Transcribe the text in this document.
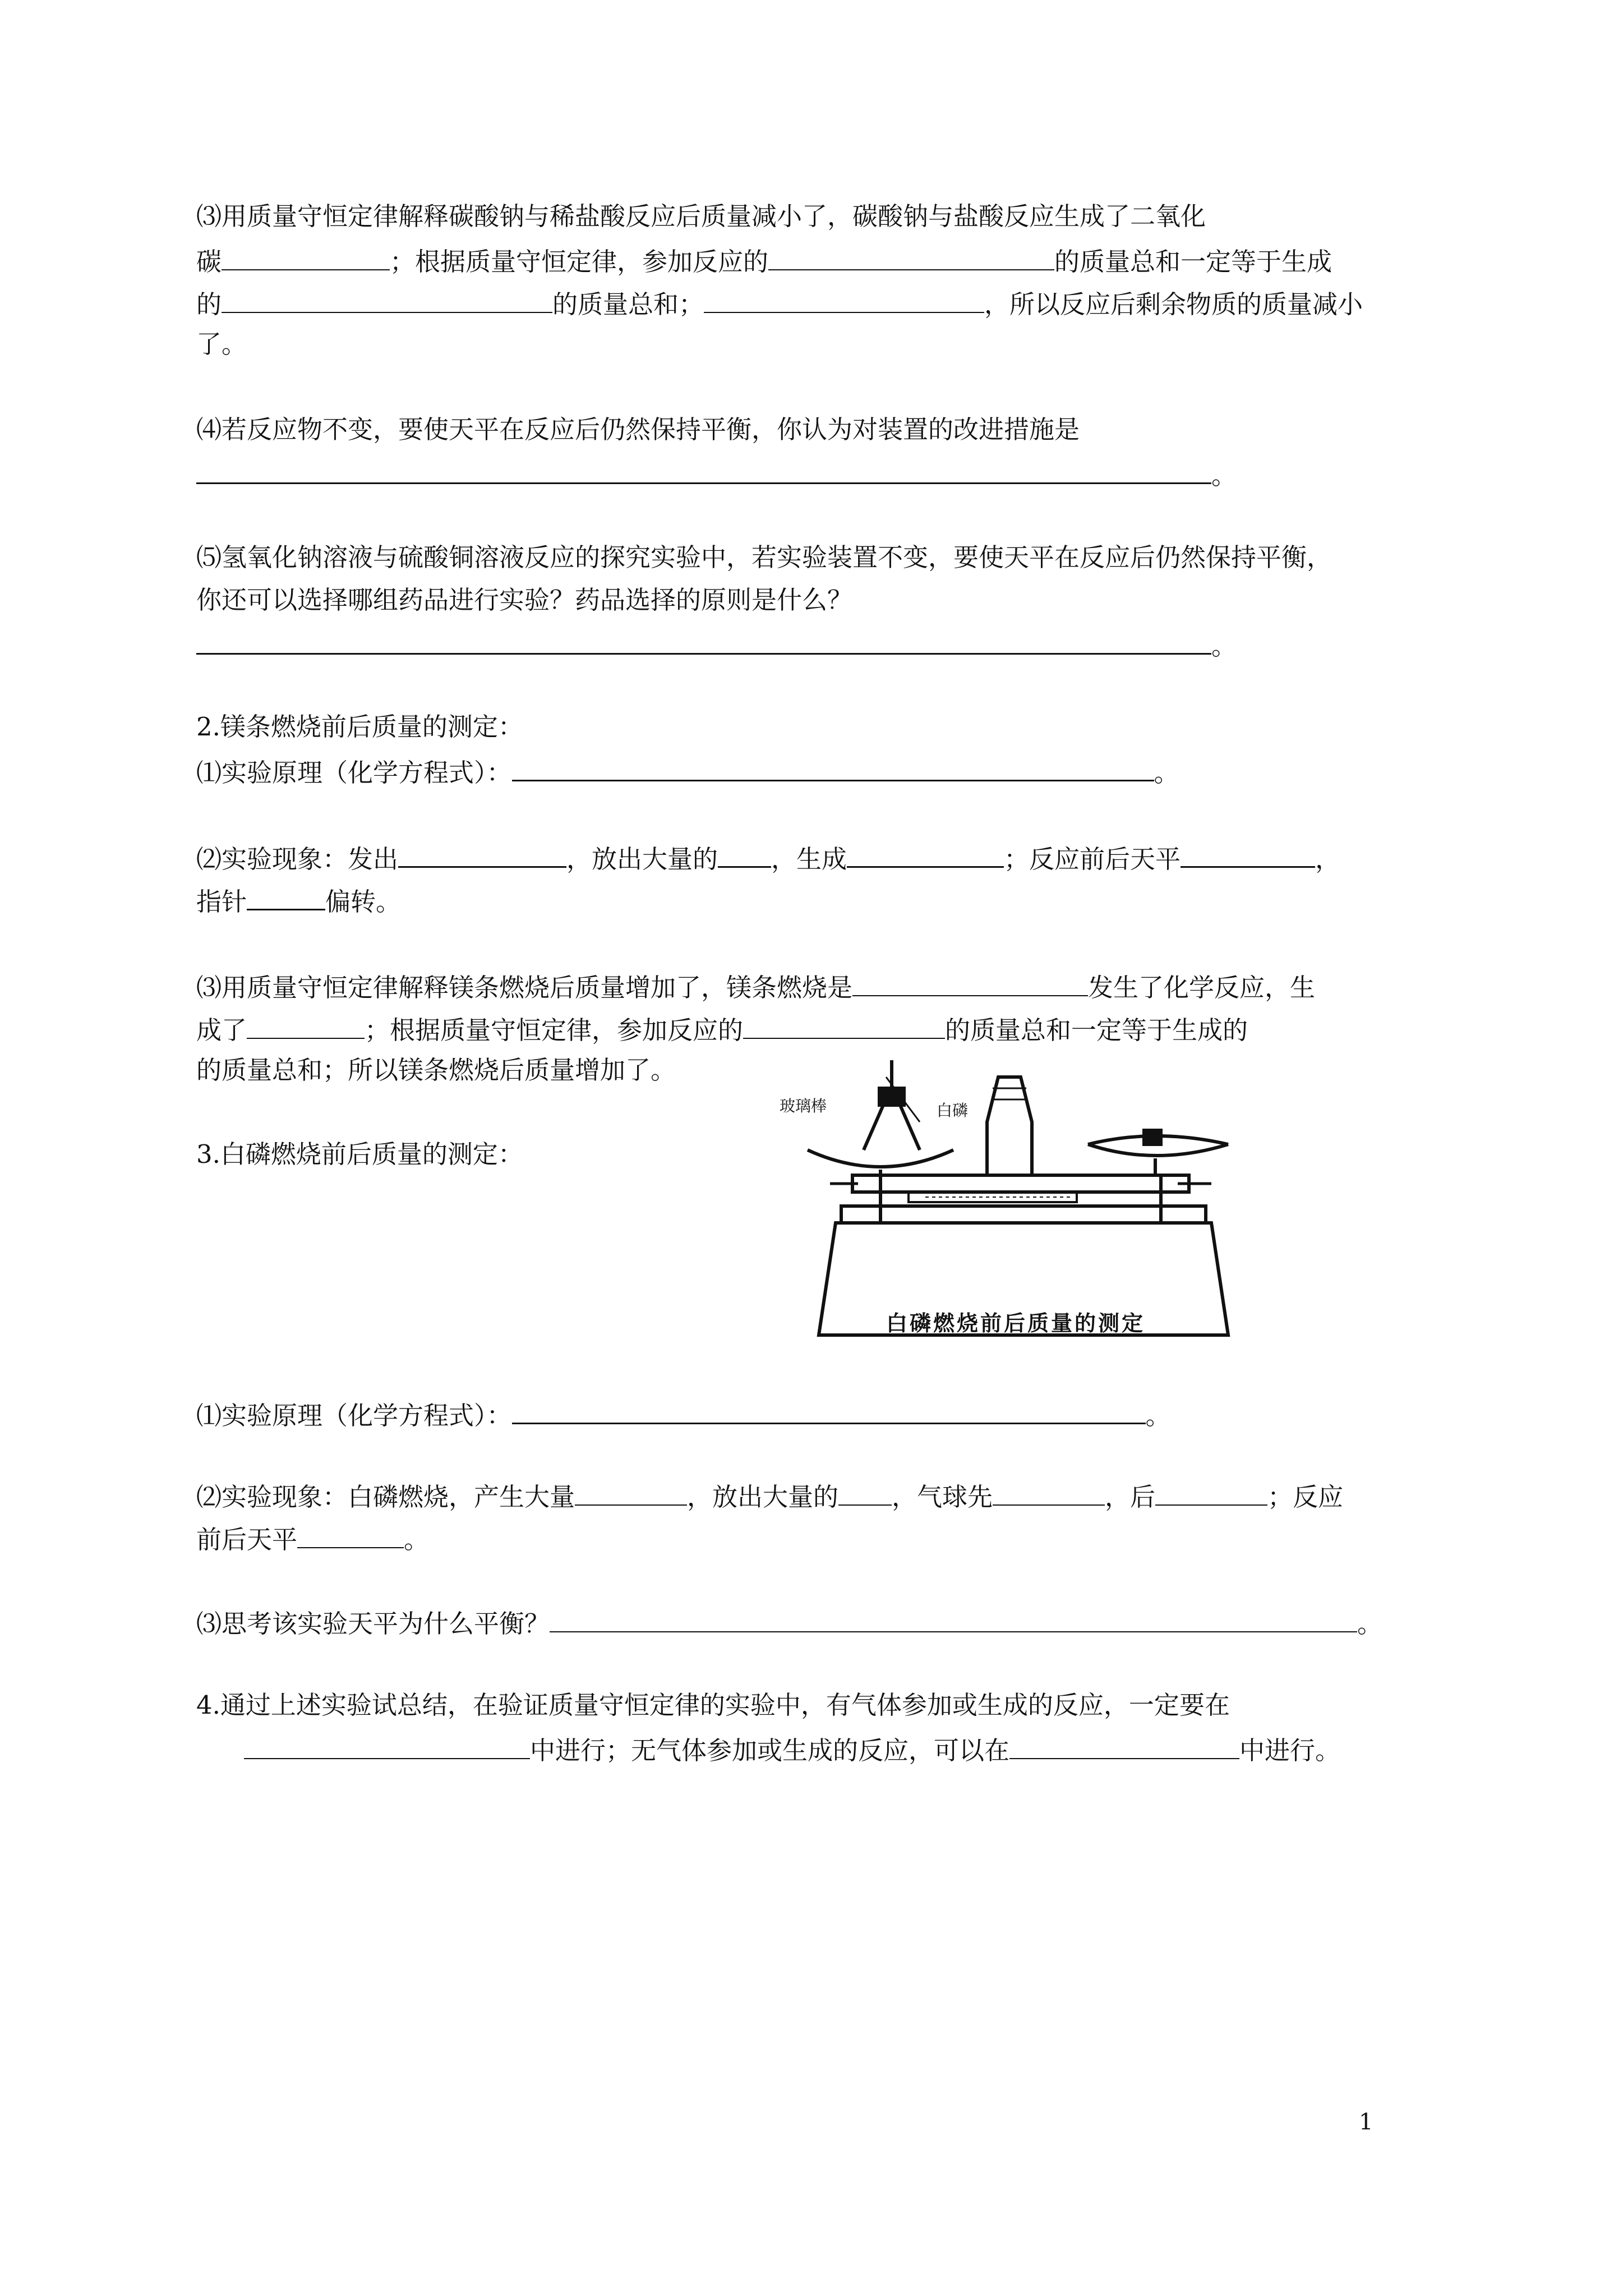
⑶用质量守恒定律解释碳酸钠与稀盐酸反应后质量减小了，碳酸钠与盐酸反应生成了二氧化
碳	；根据质量守恒定律，参加反应的	的质量总和一定等于生成
的	的质量总和；	，所以反应后剩余物质的质量减小
了。
⑷若反应物不变，要使天平在反应后仍然保持平衡，你认为对装置的改进措施是
。
⑸氢氧化钠溶液与硫酸铜溶液反应的探究实验中，若实验装置不变，要使天平在反应后仍然保持平衡，
你还可以选择哪组药品进行实验？药品选择的原则是什么？
。
2.镁条燃烧前后质量的测定：
⑴实验原理（化学方程式）：	。
⑵实验现象：发出	，放出大量的 ，生成	；反应前后天平	，
指针	偏转。
⑶用质量守恒定律解释镁条燃烧后质量增加了，镁条燃烧是	发生了化学反应，生
成了	；根据质量守恒定律，参加反应的	的质量总和一定等于生成的
的质量总和；所以镁条燃烧后质量增加了。
3.白磷燃烧前后质量的测定：
玻璃棒	白磷
白磷燃烧前后质量的测定
⑴实验原理（化学方程式）：	。
⑵实验现象：白磷燃烧，产生大量	，放出大量的 ，气球先	，后	；反应
前后天平	。
⑶思考该实验天平为什么平衡？	。
4.通过上述实验试总结，在验证质量守恒定律的实验中，有气体参加或生成的反应，一定要在
中进行；无气体参加或生成的反应，可以在	中进行。
1
